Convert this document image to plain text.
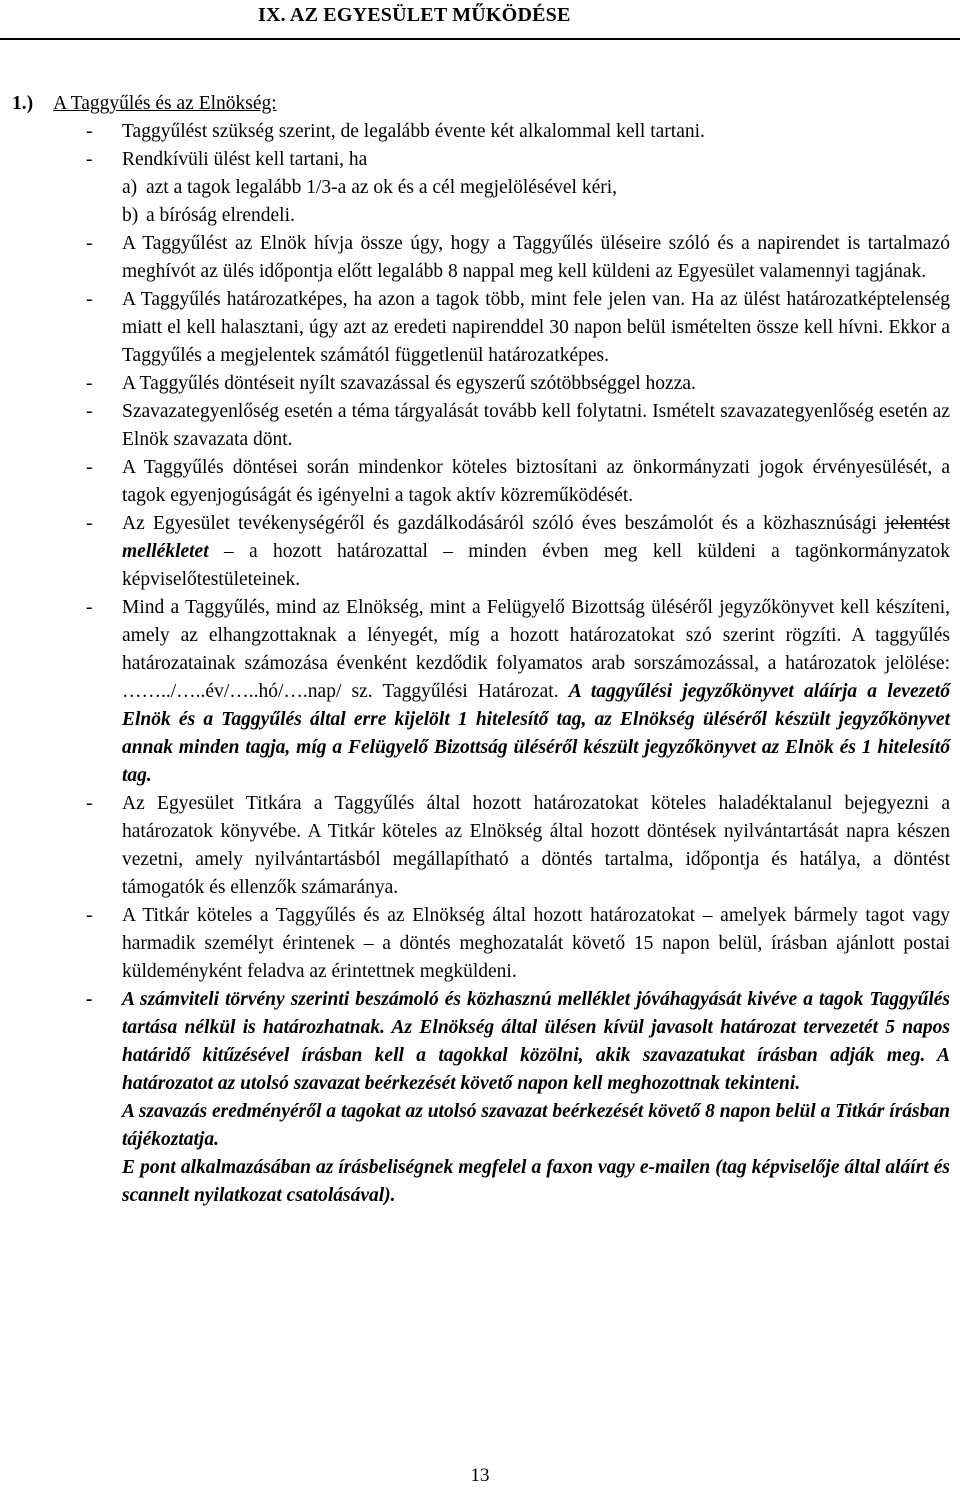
IX. AZ EGYESÜLET MŰKÖDÉSE
1.) A Taggyűlés és az Elnökség:
-	Taggyűlést szükség szerint, de legalább évente két alkalommal kell tartani.
-	Rendkívüli ülést kell tartani, ha
a) azt a tagok legalább 1/3-a az ok és a cél megjelölésével kéri,
b) a bíróság elrendeli.
-	A Taggyűlést az Elnök hívja össze úgy, hogy a Taggyűlés üléseire szóló és a napirendet is tartalmazó meghívót az ülés időpontja előtt legalább 8 nappal meg kell küldeni az Egyesület valamennyi tagjának.
-	A Taggyűlés határozatképes, ha azon a tagok több, mint fele jelen van. Ha az ülést határozatképtelenség miatt el kell halasztani, úgy azt az eredeti napirenddel 30 napon belül ismételten össze kell hívni. Ekkor a Taggyűlés a megjelentek számától függetlenül határozatképes.
-	A Taggyűlés döntéseit nyílt szavazással és egyszerű szótöbbséggel hozza.
-	Szavazategyenlőség esetén a téma tárgyalását tovább kell folytatni. Ismételt szavazategyenlőség esetén az Elnök szavazata dönt.
-	A Taggyűlés döntései során mindenkor köteles biztosítani az önkormányzati jogok érvényesülését, a tagok egyenjogúságát és igényelni a tagok aktív közreműködését.
-	Az Egyesület tevékenységéről és gazdálkodásáról szóló éves beszámolót és a közhasznúsági jelentést mellékletet – a hozott határozattal – minden évben meg kell küldeni a tagönkormányzatok képviselőtestületeinek.
-	Mind a Taggyűlés, mind az Elnökség, mint a Felügyelő Bizottság üléséről jegyzőkönyvet kell készíteni, amely az elhangzottaknak a lényegét, míg a hozott határozatokat szó szerint rögzíti. A taggyűlés határozatainak számozása évenként kezdődik folyamatos arab sorszámozással, a határozatok jelölése: ……../…..év/…..hó/….nap/ sz. Taggyűlési Határozat. A taggyűlési jegyzőkönyvet aláírja a levezető Elnök és a Taggyűlés által erre kijelölt 1 hitelesítő tag, az Elnökség üléséről készült jegyzőkönyvet annak minden tagja, míg a Felügyelő Bizottság üléséről készült jegyzőkönyvet az Elnök és 1 hitelesítő tag.
-	Az Egyesület Titkára a Taggyűlés által hozott határozatokat köteles haladéktalanul bejegyezni a határozatok könyvébe. A Titkár köteles az Elnökség által hozott döntések nyilvántartását napra készen vezetni, amely nyilvántartásból megállapítható a döntés tartalma, időpontja és hatálya, a döntést támogatók és ellenzők számaránya.
-	A Titkár köteles a Taggyűlés és az Elnökség által hozott határozatokat – amelyek bármely tagot vagy harmadik személyt érintenek – a döntés meghozatalát követő 15 napon belül, írásban ajánlott postai küldeményként feladva az érintettnek megküldeni.
-	A számviteli törvény szerinti beszámoló és közhasznú melléklet jóváhagyását kivéve a tagok Taggyűlés tartása nélkül is határozhatnak. Az Elnökség által ülésen kívül javasolt határozat tervezetét 5 napos határidő kitűzésével írásban kell a tagokkal közölni, akik szavazatukat írásban adják meg. A határozatot az utolsó szavazat beérkezését követő napon kell meghozottnak tekinteni.
A szavazás eredményéről a tagokat az utolsó szavazat beérkezését követő 8 napon belül a Titkár írásban tájékoztatja.
E pont alkalmazásában az írásbeliségnek megfelel a faxon vagy e-mailen (tag képviselője által aláírt és scannelt nyilatkozat csatolásával).
13
